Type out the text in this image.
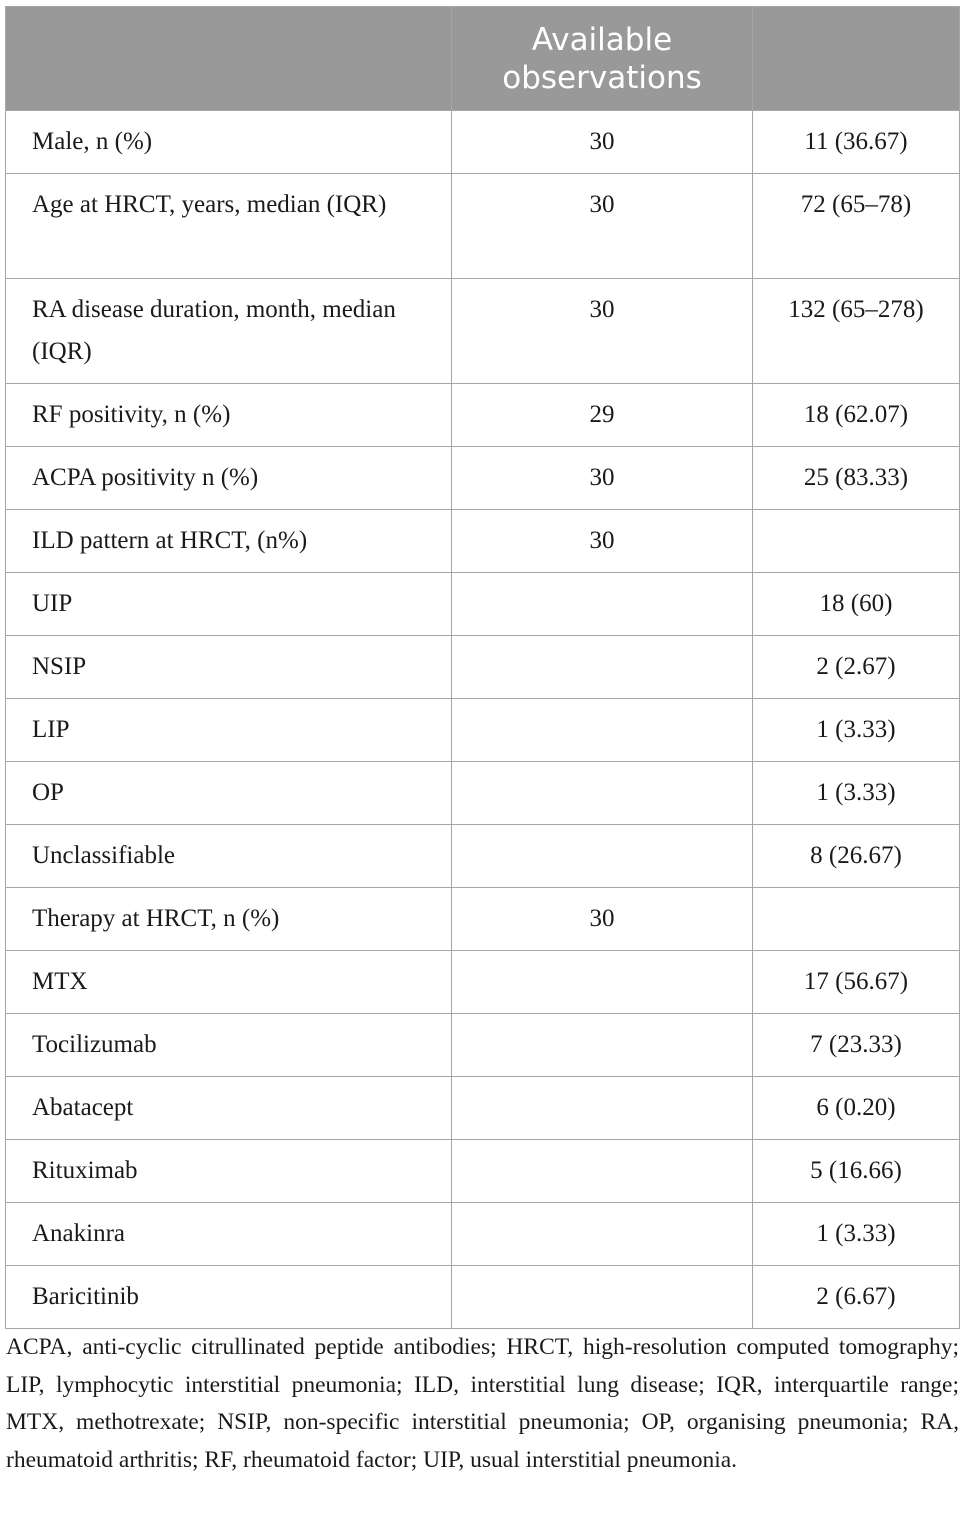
	Available observations	
Male, n (%)	30	11 (36.67)
Age at HRCT, years, median (IQR)	30	72 (65–78)
RA disease duration, month, median (IQR)	30	132 (65–278)
RF positivity, n (%)	29	18 (62.07)
ACPA positivity n (%)	30	25 (83.33)
ILD pattern at HRCT, (n%)	30	
UIP		18 (60)
NSIP		2 (2.67)
LIP		1 (3.33)
OP		1 (3.33)
Unclassifiable		8 (26.67)
Therapy at HRCT, n (%)	30	
MTX		17 (56.67)
Tocilizumab		7 (23.33)
Abatacept		6 (0.20)
Rituximab		5 (16.66)
Anakinra		1 (3.33)
Baricitinib		2 (6.67)
ACPA, anti-cyclic citrullinated peptide antibodies; HRCT, high-resolution computed tomography; LIP, lymphocytic interstitial pneumonia; ILD, interstitial lung disease; IQR, interquartile range; MTX, methotrexate; NSIP, non-specific interstitial pneumonia; OP, organising pneumonia; RA, rheumatoid arthritis; RF, rheumatoid factor; UIP, usual interstitial pneumonia.
